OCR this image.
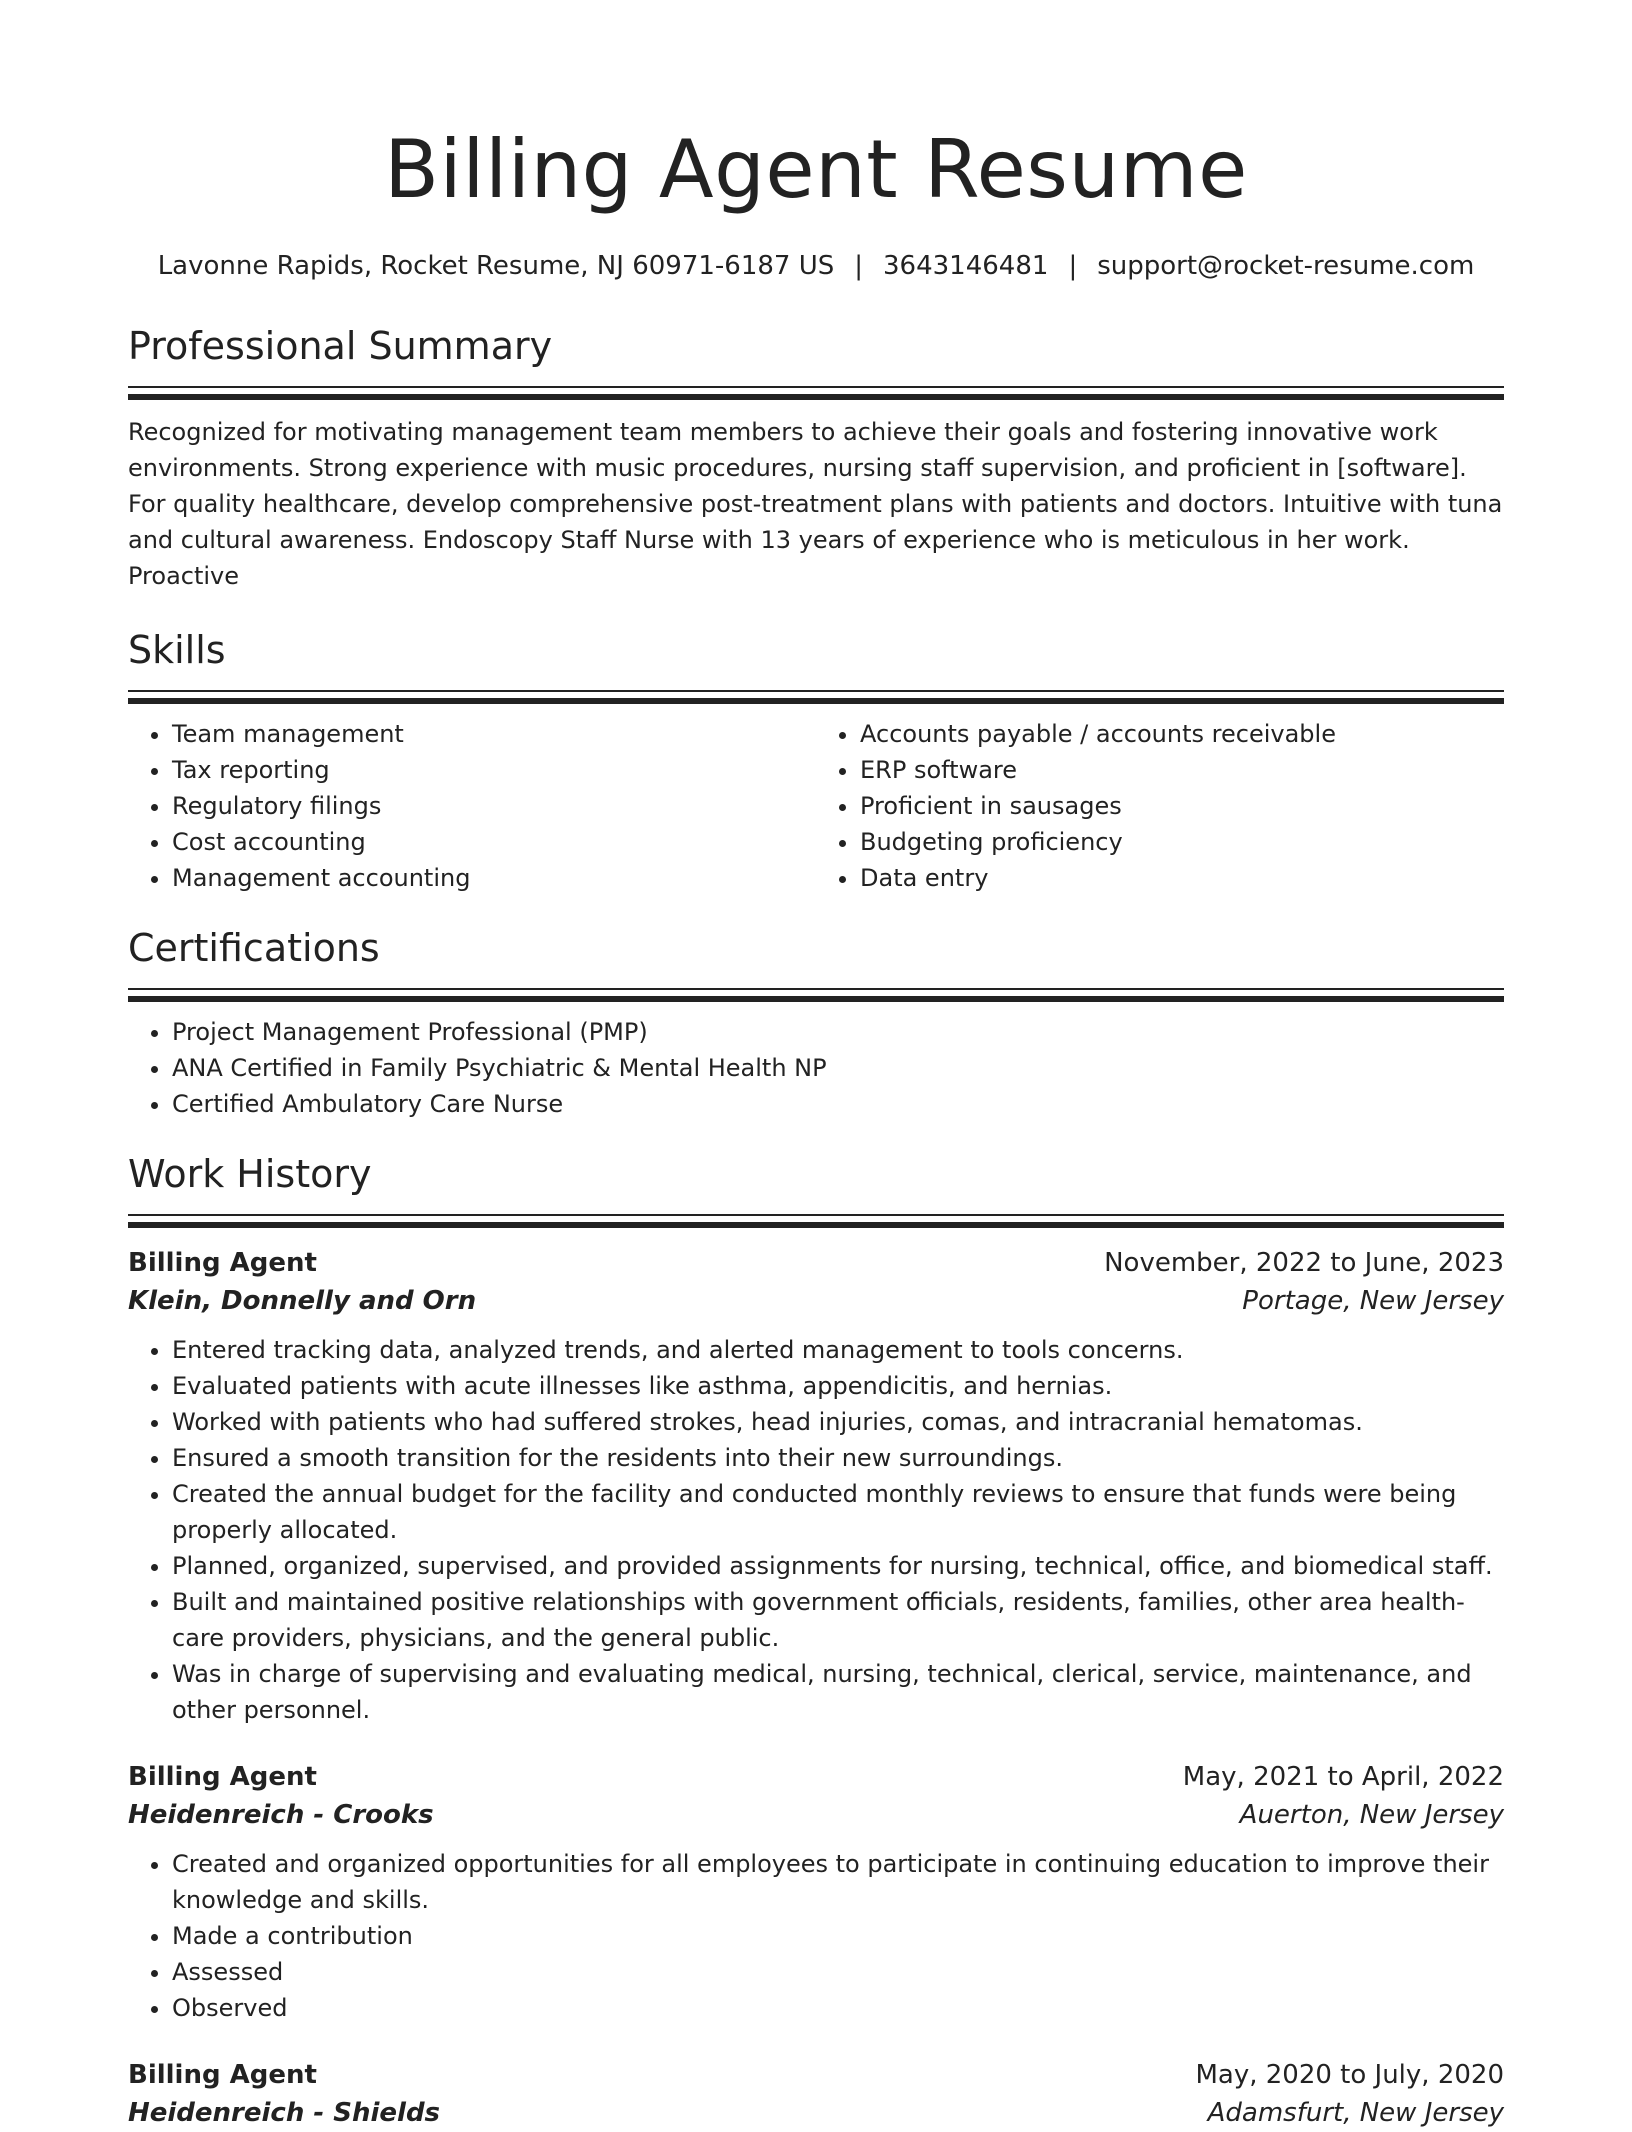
Billing Agent Resume
Lavonne Rapids, Rocket Resume, NJ 60971-6187 US | 3643146481 | support@rocket-resume.com
Professional Summary

Recognized for motivating management team members to achieve their goals and fostering innovative work environments. Strong experience with music procedures, nursing staff supervision, and proficient in [software]. For quality healthcare, develop comprehensive post-treatment plans with patients and doctors. Intuitive with tuna and cultural awareness. Endoscopy Staff Nurse with 13 years of experience who is meticulous in her work. Proactive

Skills
• Team management
• Tax reporting
• Regulatory filings
• Cost accounting
• Management accounting
• Accounts payable / accounts receivable
• ERP software
• Proficient in sausages
• Budgeting proficiency
• Data entry
Certifications
• Project Management Professional (PMP)
• ANA Certified in Family Psychiatric & Mental Health NP
• Certified Ambulatory Care Nurse
Work History
Billing Agent	November, 2022 to June, 2023
Klein, Donnelly and Orn	Portage, New Jersey
• Entered tracking data, analyzed trends, and alerted management to tools concerns.
• Evaluated patients with acute illnesses like asthma, appendicitis, and hernias.
• Worked with patients who had suffered strokes, head injuries, comas, and intracranial hematomas.
• Ensured a smooth transition for the residents into their new surroundings.
• Created the annual budget for the facility and conducted monthly reviews to ensure that funds were being properly allocated.
• Planned, organized, supervised, and provided assignments for nursing, technical, office, and biomedical staff.
• Built and maintained positive relationships with government officials, residents, families, other area health-care providers, physicians, and the general public.
• Was in charge of supervising and evaluating medical, nursing, technical, clerical, service, maintenance, and other personnel.
Billing Agent	May, 2021 to April, 2022
Heidenreich - Crooks	Auerton, New Jersey
• Created and organized opportunities for all employees to participate in continuing education to improve their knowledge and skills.
• Made a contribution
• Assessed
• Observed
Billing Agent	May, 2020 to July, 2020
Heidenreich - Shields	Adamsfurt, New Jersey
